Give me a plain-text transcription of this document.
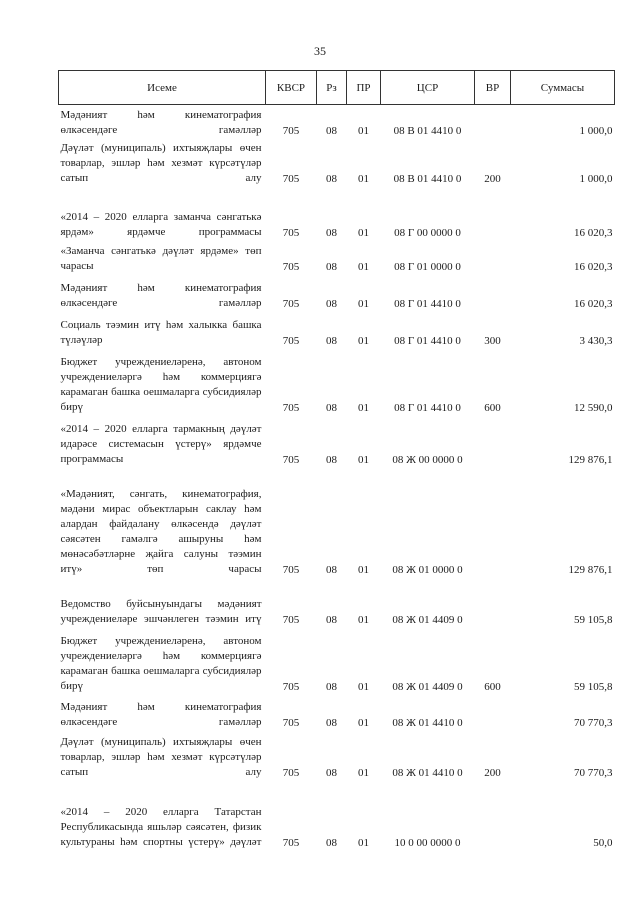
35
Исеме	КВСР	Рз	ПР	ЦСР	ВР	Суммасы
Мәдәният һәм кинематография өлкәсендәге гамәлләр	705	08	01	08 В 01 4410 0		1 000,0
Дәүләт (муниципаль) ихтыяҗлары өчен товарлар, эшләр һәм хезмәт күрсәтүләр сатып алу	705	08	01	08 В 01 4410 0	200	1 000,0
«2014 – 2020 елларга заманча сәнгатькә ярдәм» ярдәмче программасы	705	08	01	08 Г 00 0000 0		16 020,3
«Заманча сәнгатькә дәүләт ярдәме» төп чарасы	705	08	01	08 Г 01 0000 0		16 020,3
Мәдәният һәм кинематография өлкәсендәге гамәлләр	705	08	01	08 Г 01 4410 0		16 020,3
Социаль тәэмин итү һәм халыкка башка түләүләр	705	08	01	08 Г 01 4410 0	300	3 430,3
Бюджет учреждениеләренә, автоном учреждениеләргә һәм коммерциягә карамаган башка оешмаларга субсидияләр бирү	705	08	01	08 Г 01 4410 0	600	12 590,0
«2014 – 2020 елларга тармакның дәүләт идарәсе системасын үстерү» ярдәмче программасы	705	08	01	08 Ж 00 0000 0		129 876,1
«Мәдәният, сәнгать, кинематография, мәдәни мирас объектларын саклау һәм алардан файдалану өлкәсендә дәүләт сәясәтен гамәлгә ашыруны һәм мөнәсәбәтләрне җайга салуны тәэмин итү» төп чарасы	705	08	01	08 Ж 01 0000 0		129 876,1
Ведомство буйсынуындагы мәдәният учреждениеләре эшчәнлеген тәэмин итү	705	08	01	08 Ж 01 4409 0		59 105,8
Бюджет учреждениеләренә, автоном учреждениеләргә һәм коммерциягә карамаган башка оешмаларга субсидияләр бирү	705	08	01	08 Ж 01 4409 0	600	59 105,8
Мәдәният һәм кинематография өлкәсендәге гамәлләр	705	08	01	08 Ж 01 4410 0		70 770,3
Дәүләт (муниципаль) ихтыяҗлары өчен товарлар, эшләр һәм хезмәт күрсәтүләр сатып алу	705	08	01	08 Ж 01 4410 0	200	70 770,3
«2014 – 2020 елларга Татарстан Республикасында яшьләр сәясәтен, физик культураны һәм спортны үстерү» дәүләт	705	08	01	10 0 00 0000 0		50,0
